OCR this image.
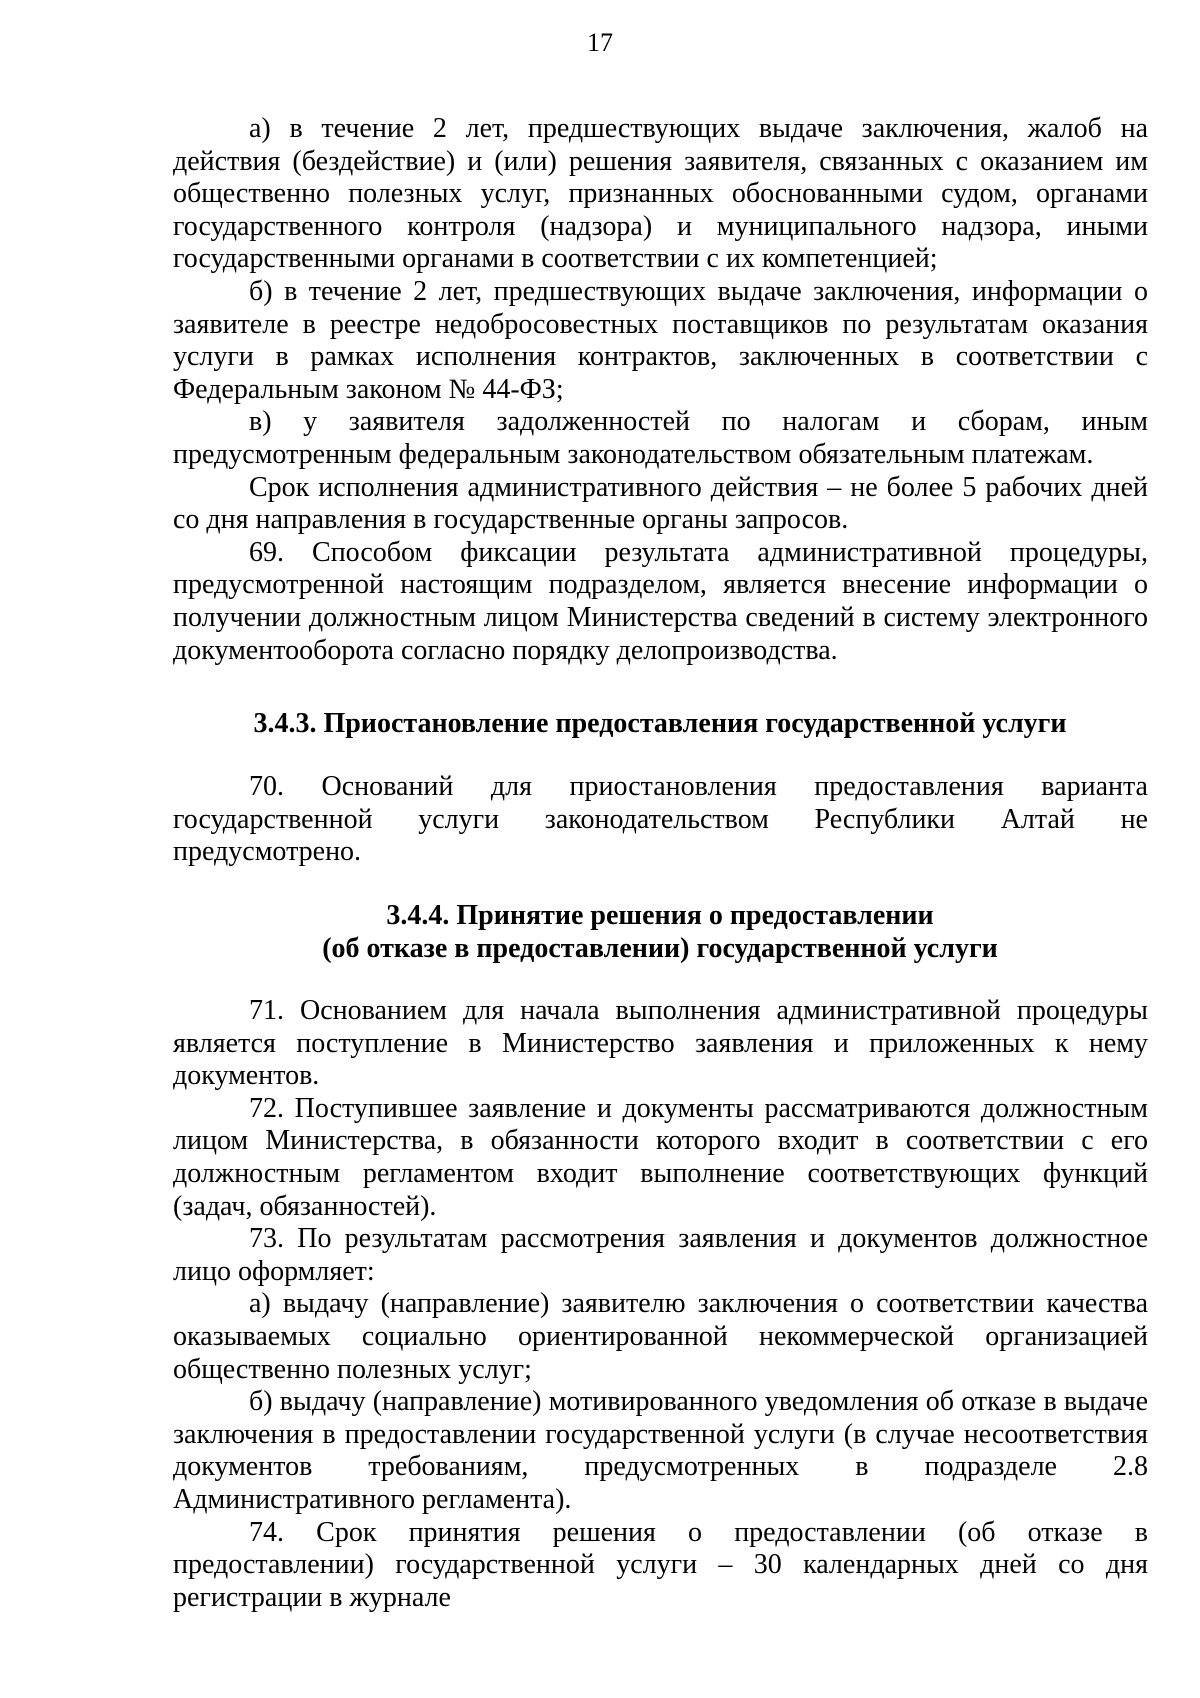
17

а) в течение 2 лет, предшествующих выдаче заключения, жалоб на действия (бездействие) и (или) решения заявителя, связанных с оказанием им общественно полезных услуг, признанных обоснованными судом, органами государственного контроля (надзора) и муниципального надзора, иными государственными органами в соответствии с их компетенцией;

б) в течение 2 лет, предшествующих выдаче заключения, информации о заявителе в реестре недобросовестных поставщиков по результатам оказания услуги в рамках исполнения контрактов, заключенных в соответствии с Федеральным законом № 44-ФЗ;

в) у заявителя задолженностей по налогам и сборам, иным предусмотренным федеральным законодательством обязательным платежам.

Срок исполнения административного действия – не более 5 рабочих дней со дня направления в государственные органы запросов.

69. Способом фиксации результата административной процедуры, предусмотренной настоящим подразделом, является внесение информации о получении должностным лицом Министерства сведений в систему электронного документооборота согласно порядку делопроизводства.

3.4.3. Приостановление предоставления государственной услуги

70. Оснований для приостановления предоставления варианта государственной услуги законодательством Республики Алтай не предусмотрено.

3.4.4. Принятие решения о предоставлении
(об отказе в предоставлении) государственной услуги

71. Основанием для начала выполнения административной процедуры является поступление в Министерство заявления и приложенных к нему документов.

72. Поступившее заявление и документы рассматриваются должностным лицом Министерства, в обязанности которого входит в соответствии с его должностным регламентом входит выполнение соответствующих функций (задач, обязанностей).

73. По результатам рассмотрения заявления и документов должностное лицо оформляет:

а) выдачу (направление) заявителю заключения о соответствии качества оказываемых социально ориентированной некоммерческой организацией общественно полезных услуг;

б) выдачу (направление) мотивированного уведомления об отказе в выдаче заключения в предоставлении государственной услуги (в случае несоответствия документов требованиям, предусмотренных в подразделе 2.8 Административного регламента).

74. Срок принятия решения о предоставлении (об отказе в предоставлении) государственной услуги – 30 календарных дней со дня регистрации в журнале
